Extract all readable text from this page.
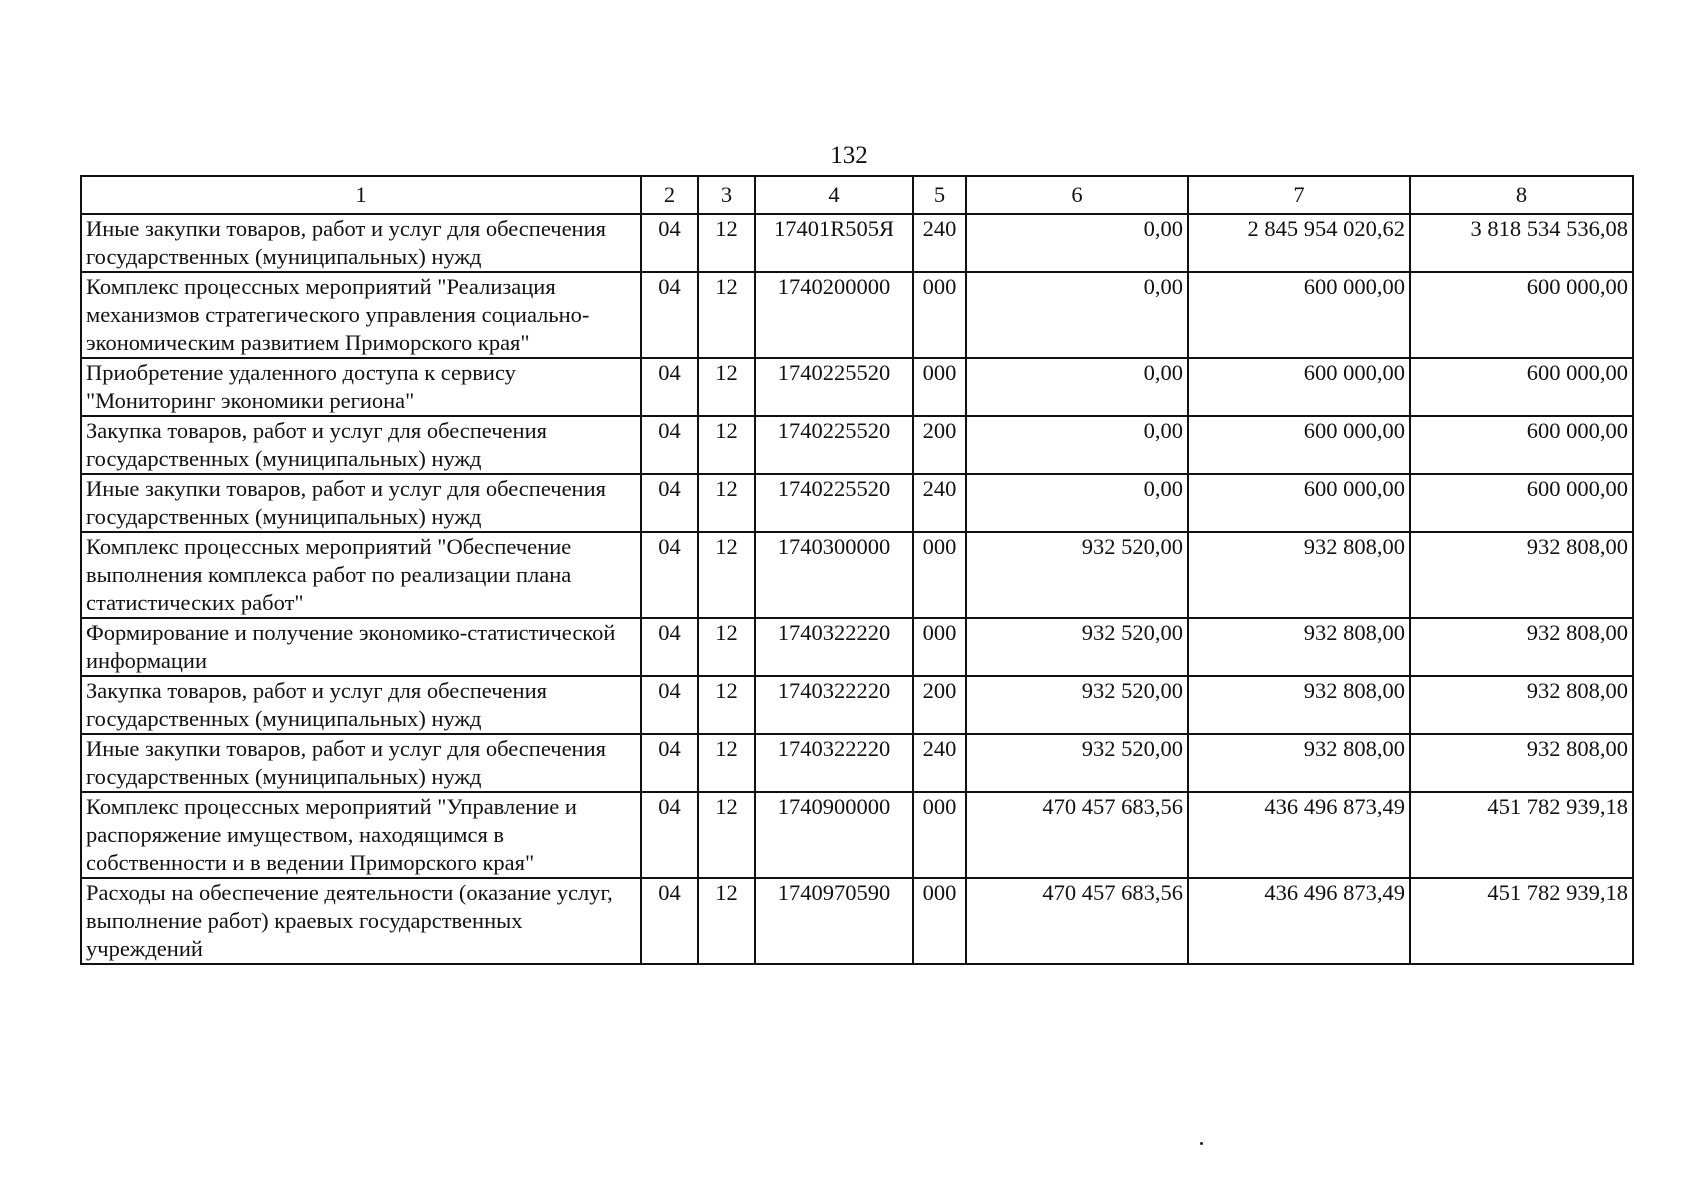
132
1	2	3	4	5	6	7	8
Иные закупки товаров, работ и услуг для обеспечения государственных (муниципальных) нужд	04	12	17401R505Я	240	0,00	2 845 954 020,62	3 818 534 536,08
Комплекс процессных мероприятий "Реализация механизмов стратегического управления социально-экономическим развитием Приморского края"	04	12	1740200000	000	0,00	600 000,00	600 000,00
Приобретение удаленного доступа к сервису "Мониторинг экономики региона"	04	12	1740225520	000	0,00	600 000,00	600 000,00
Закупка товаров, работ и услуг для обеспечения государственных (муниципальных) нужд	04	12	1740225520	200	0,00	600 000,00	600 000,00
Иные закупки товаров, работ и услуг для обеспечения государственных (муниципальных) нужд	04	12	1740225520	240	0,00	600 000,00	600 000,00
Комплекс процессных мероприятий "Обеспечение выполнения комплекса работ по реализации плана статистических работ"	04	12	1740300000	000	932 520,00	932 808,00	932 808,00
Формирование и получение экономико-статистической информации	04	12	1740322220	000	932 520,00	932 808,00	932 808,00
Закупка товаров, работ и услуг для обеспечения государственных (муниципальных) нужд	04	12	1740322220	200	932 520,00	932 808,00	932 808,00
Иные закупки товаров, работ и услуг для обеспечения государственных (муниципальных) нужд	04	12	1740322220	240	932 520,00	932 808,00	932 808,00
Комплекс процессных мероприятий "Управление и распоряжение имуществом, находящимся в собственности и в ведении Приморского края"	04	12	1740900000	000	470 457 683,56	436 496 873,49	451 782 939,18
Расходы на обеспечение деятельности (оказание услуг, выполнение работ) краевых государственных учреждений	04	12	1740970590	000	470 457 683,56	436 496 873,49	451 782 939,18
